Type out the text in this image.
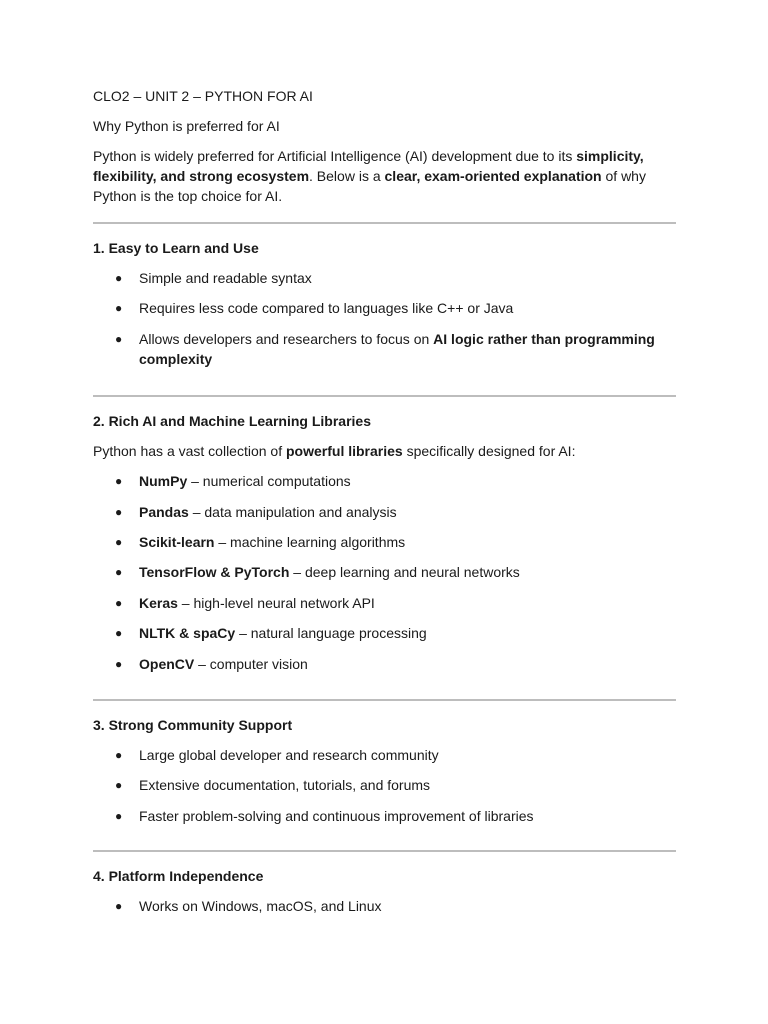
CLO2 – UNIT 2 – PYTHON FOR AI

Why Python is preferred for AI

Python is widely preferred for Artificial Intelligence (AI) development due to its simplicity, flexibility, and strong ecosystem. Below is a clear, exam-oriented explanation of why Python is the top choice for AI.

1. Easy to Learn and Use

● Simple and readable syntax
● Requires less code compared to languages like C++ or Java
● Allows developers and researchers to focus on AI logic rather than programming complexity

2. Rich AI and Machine Learning Libraries

Python has a vast collection of powerful libraries specifically designed for AI:

● NumPy – numerical computations
● Pandas – data manipulation and analysis
● Scikit-learn – machine learning algorithms
● TensorFlow & PyTorch – deep learning and neural networks
● Keras – high-level neural network API
● NLTK & spaCy – natural language processing
● OpenCV – computer vision

3. Strong Community Support

● Large global developer and research community
● Extensive documentation, tutorials, and forums
● Faster problem-solving and continuous improvement of libraries

4. Platform Independence

● Works on Windows, macOS, and Linux
